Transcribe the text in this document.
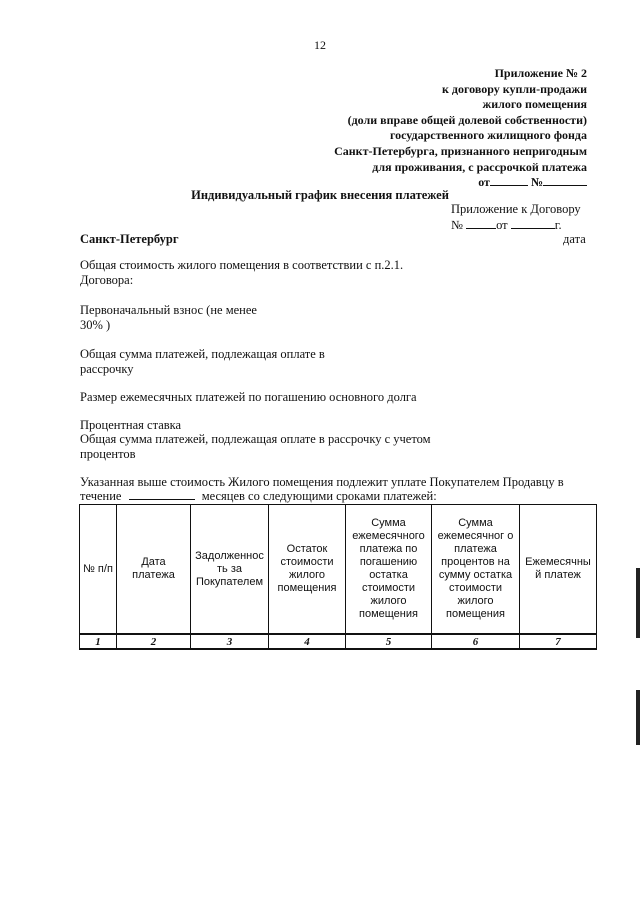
12
Приложение № 2
к договору купли-продажи
жилого помещения
(доли вправе общей долевой собственности)
государственного жилищного фонда
Санкт-Петербурга, признанного непригодным
для проживания, с рассрочкой платежа
от	№
Индивидуальный график внесения платежей
Приложение к Договору
№	от	г.
Санкт-Петербург	дата
Общая стоимость жилого помещения в соответствии с п.2.1.
Договора:
Первоначальный взнос (не менее
30% )
Общая сумма платежей, подлежащая оплате в
рассрочку
Размер ежемесячных платежей по погашению основного долга
Процентная ставка
Общая сумма платежей, подлежащая оплате в рассрочку с учетом
процентов
Указанная выше стоимость Жилого помещения подлежит уплате Покупателем Продавцу в
течение	месяцев со следующими сроками платежей:
№ п/п	Дата платежа	Задолженнос ть за Покупателем	Остаток стоимости жилого помещения	Сумма ежемесячного платежа по погашению остатка стоимости жилого помещения	Сумма ежемесячног о платежа процентов на сумму остатка стоимости жилого помещения	Ежемесячны й платеж
1	2	3	4	5	6	7
